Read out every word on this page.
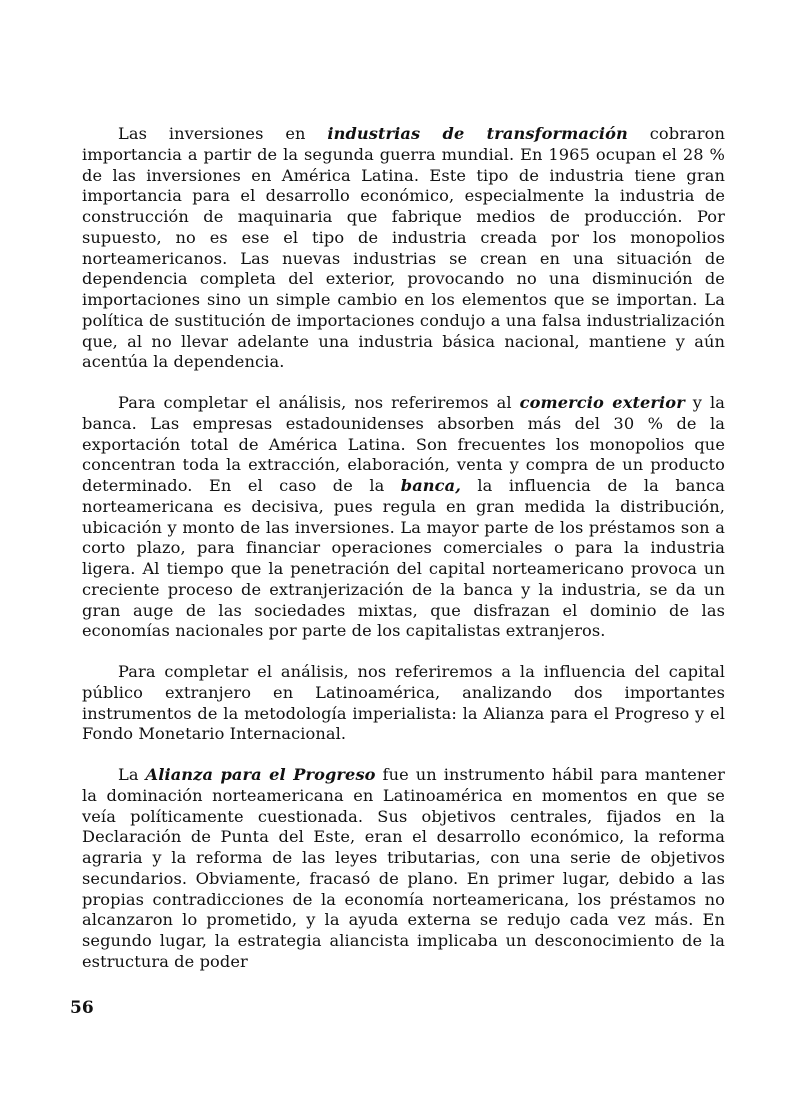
Las inversiones en industrias de transformación cobraron importancia a partir de la segunda guerra mundial. En 1965 ocupan el 28 % de las inversiones en América Latina. Este tipo de industria tiene gran importancia para el desarrollo económico, especialmente la industria de construcción de maquinaria que fabrique medios de producción. Por supuesto, no es ese el tipo de industria creada por los monopolios norteamericanos. Las nuevas industrias se crean en una situación de dependencia completa del exterior, provocando no una disminución de importaciones sino un simple cambio en los elementos que se importan. La política de sustitución de importaciones condujo a una falsa industrialización que, al no llevar adelante una industria básica nacional, mantiene y aún acentúa la dependencia.

Para completar el análisis, nos referiremos al comercio exterior y la banca. Las empresas estadounidenses absorben más del 30 % de la exportación total de América Latina. Son frecuentes los monopolios que concentran toda la extracción, elaboración, venta y compra de un producto determinado. En el caso de la banca, la influencia de la banca norteamericana es decisiva, pues regula en gran medida la distribución, ubicación y monto de las inversiones. La mayor parte de los préstamos son a corto plazo, para financiar operaciones comerciales o para la industria ligera. Al tiempo que la penetración del capital norteamericano provoca un creciente proceso de extranjerización de la banca y la industria, se da un gran auge de las sociedades mixtas, que disfrazan el dominio de las economías nacionales por parte de los capitalistas extranjeros.

Para completar el análisis, nos referiremos a la influencia del capital público extranjero en Latinoamérica, analizando dos importantes instrumentos de la metodología imperialista: la Alianza para el Progreso y el Fondo Monetario Internacional.

La Alianza para el Progreso fue un instrumento hábil para mantener la dominación norteamericana en Latinoamérica en momentos en que se veía políticamente cuestionada. Sus objetivos centrales, fijados en la Declaración de Punta del Este, eran el desarrollo económico, la reforma agraria y la reforma de las leyes tributarias, con una serie de objetivos secundarios. Obviamente, fracasó de plano. En primer lugar, debido a las propias contradicciones de la economía norteamericana, los préstamos no alcanzaron lo prometido, y la ayuda externa se redujo cada vez más. En segundo lugar, la estrategia aliancista implicaba un desconocimiento de la estructura de poder

56
